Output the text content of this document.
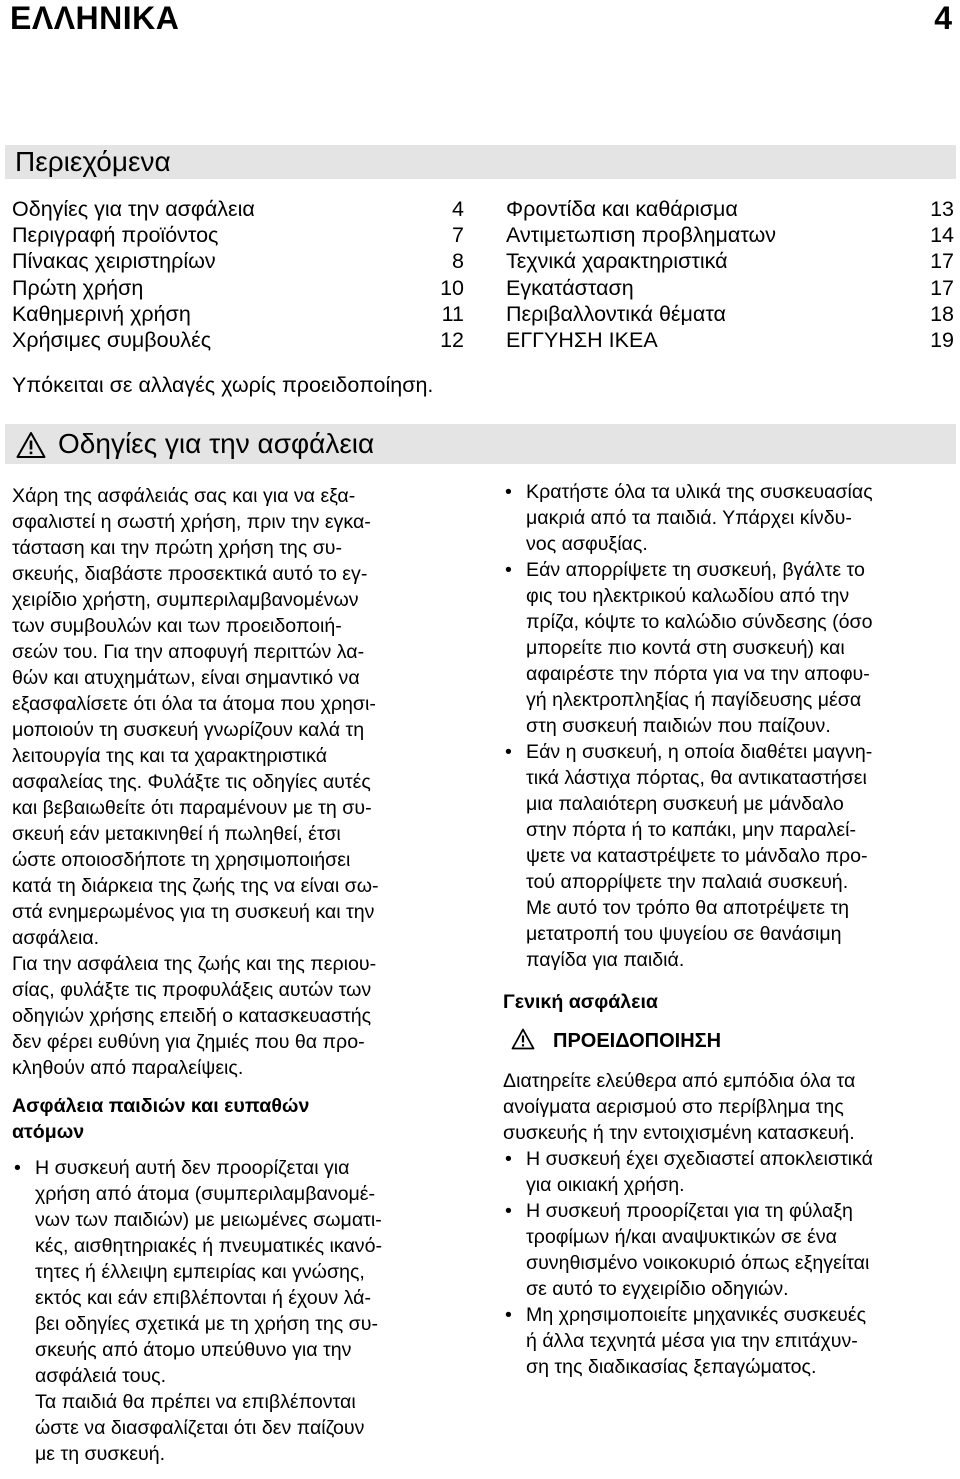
ΕΛΛΗΝΙΚΑ	4
Περιεχόμενα
Οδηγίες για την ασφάλεια	4
Περιγραφή προϊόντος	7
Πίνακας χειριστηρίων	8
Πρώτη χρήση	10
Καθημερινή χρήση	11
Χρήσιμες συμβουλές	12
Φροντίδα και καθάρισμα	13
Αντιμετωπιση προβληματων	14
Τεχνικά χαρακτηριστικά	17
Εγκατάσταση	17
Περιβαλλοντικά θέματα	18
ΕΓΓΥΗΣΗ IKEA	19
Υπόκειται σε αλλαγές χωρίς προειδοποίηση.
Οδηγίες για την ασφάλεια
Χάρη της ασφάλειάς σας και για να εξα-
σφαλιστεί η σωστή χρήση, πριν την εγκα-
τάσταση και την πρώτη χρήση της συ-
σκευής, διαβάστε προσεκτικά αυτό το εγ-
χειρίδιο χρήστη, συμπεριλαμβανομένων
των συμβουλών και των προειδοποιή-
σεών του. Για την αποφυγή περιττών λα-
θών και ατυχημάτων, είναι σημαντικό να
εξασφαλίσετε ότι όλα τα άτομα που χρησι-
μοποιούν τη συσκευή γνωρίζουν καλά τη
λειτουργία της και τα χαρακτηριστικά
ασφαλείας της. Φυλάξτε τις οδηγίες αυτές
και βεβαιωθείτε ότι παραμένουν με τη συ-
σκευή εάν μετακινηθεί ή πωληθεί, έτσι
ώστε οποιοσδήποτε τη χρησιμοποιήσει
κατά τη διάρκεια της ζωής της να είναι σω-
στά ενημερωμένος για τη συσκευή και την
ασφάλεια.
Για την ασφάλεια της ζωής και της περιου-
σίας, φυλάξτε τις προφυλάξεις αυτών των
οδηγιών χρήσης επειδή ο κατασκευαστής
δεν φέρει ευθύνη για ζημιές που θα προ-
κληθούν από παραλείψεις.
Ασφάλεια παιδιών και ευπαθών
ατόμων
• Η συσκευή αυτή δεν προορίζεται για
χρήση από άτομα (συμπεριλαμβανομέ-
νων των παιδιών) με μειωμένες σωματι-
κές, αισθητηριακές ή πνευματικές ικανό-
τητες ή έλλειψη εμπειρίας και γνώσης,
εκτός και εάν επιβλέπονται ή έχουν λά-
βει οδηγίες σχετικά με τη χρήση της συ-
σκευής από άτομο υπεύθυνο για την
ασφάλειά τους.
Τα παιδιά θα πρέπει να επιβλέπονται
ώστε να διασφαλίζεται ότι δεν παίζουν
με τη συσκευή.
• Κρατήστε όλα τα υλικά της συσκευασίας
μακριά από τα παιδιά. Υπάρχει κίνδυ-
νος ασφυξίας.
• Εάν απορρίψετε τη συσκευή, βγάλτε το
φις του ηλεκτρικού καλωδίου από την
πρίζα, κόψτε το καλώδιο σύνδεσης (όσο
μπορείτε πιο κοντά στη συσκευή) και
αφαιρέστε την πόρτα για να την αποφυ-
γή ηλεκτροπληξίας ή παγίδευσης μέσα
στη συσκευή παιδιών που παίζουν.
• Εάν η συσκευή, η οποία διαθέτει μαγνη-
τικά λάστιχα πόρτας, θα αντικαταστήσει
μια παλαιότερη συσκευή με μάνδαλο
στην πόρτα ή το καπάκι, μην παραλεί-
ψετε να καταστρέψετε το μάνδαλο προ-
τού απορρίψετε την παλαιά συσκευή.
Με αυτό τον τρόπο θα αποτρέψετε τη
μετατροπή του ψυγείου σε θανάσιμη
παγίδα για παιδιά.
Γενική ασφάλεια
ΠΡΟΕΙΔΟΠΟΙΗΣΗ
Διατηρείτε ελεύθερα από εμπόδια όλα τα
ανοίγματα αερισμού στο περίβλημα της
συσκευής ή την εντοιχισμένη κατασκευή.
• Η συσκευή έχει σχεδιαστεί αποκλειστικά
για οικιακή χρήση.
• Η συσκευή προορίζεται για τη φύλαξη
τροφίμων ή/και αναψυκτικών σε ένα
συνηθισμένο νοικοκυριό όπως εξηγείται
σε αυτό το εγχειρίδιο οδηγιών.
• Μη χρησιμοποιείτε μηχανικές συσκευές
ή άλλα τεχνητά μέσα για την επιτάχυν-
ση της διαδικασίας ξεπαγώματος.
